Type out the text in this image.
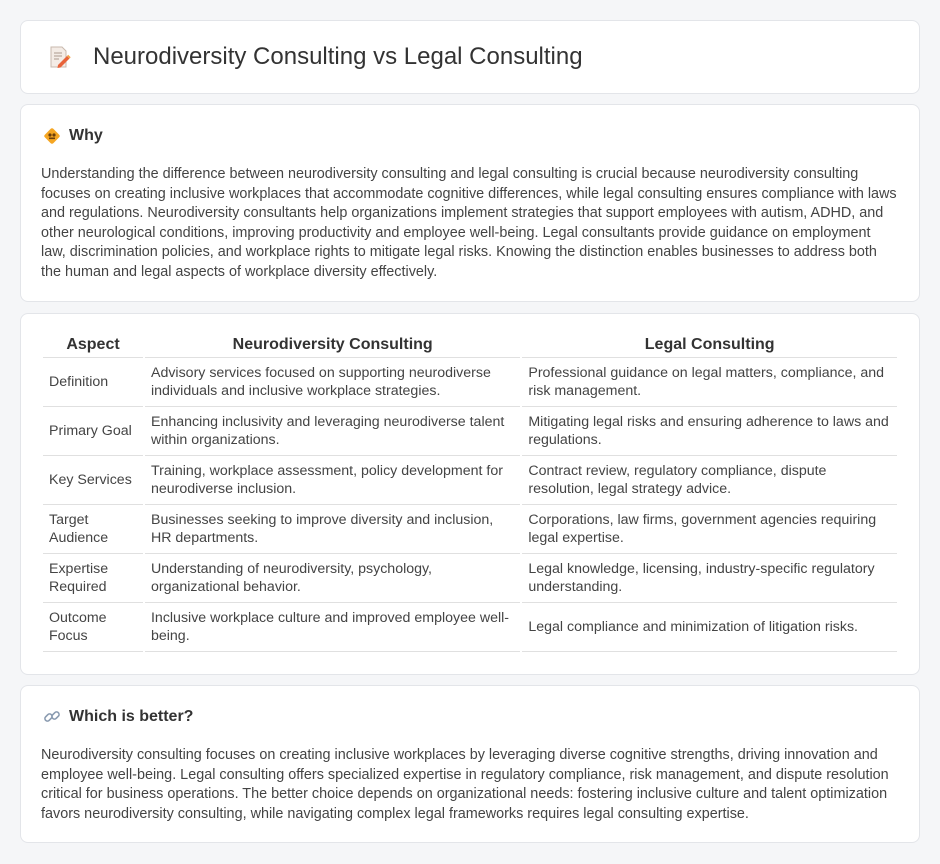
Neurodiversity Consulting vs Legal Consulting
Why

Understanding the difference between neurodiversity consulting and legal consulting is crucial because neurodiversity consulting focuses on creating inclusive workplaces that accommodate cognitive differences, while legal consulting ensures compliance with laws and regulations. Neurodiversity consultants help organizations implement strategies that support employees with autism, ADHD, and other neurological conditions, improving productivity and employee well-being. Legal consultants provide guidance on employment law, discrimination policies, and workplace rights to mitigate legal risks. Knowing the distinction enables businesses to address both the human and legal aspects of workplace diversity effectively.

Aspect	Neurodiversity Consulting	Legal Consulting
Definition	Advisory services focused on supporting neurodiverse individuals and inclusive workplace strategies.	Professional guidance on legal matters, compliance, and risk management.
Primary Goal	Enhancing inclusivity and leveraging neurodiverse talent within organizations.	Mitigating legal risks and ensuring adherence to laws and regulations.
Key Services	Training, workplace assessment, policy development for neurodiverse inclusion.	Contract review, regulatory compliance, dispute resolution, legal strategy advice.
Target Audience	Businesses seeking to improve diversity and inclusion, HR departments.	Corporations, law firms, government agencies requiring legal expertise.
Expertise Required	Understanding of neurodiversity, psychology, organizational behavior.	Legal knowledge, licensing, industry-specific regulatory understanding.
Outcome Focus	Inclusive workplace culture and improved employee well-being.	Legal compliance and minimization of litigation risks.
Which is better?

Neurodiversity consulting focuses on creating inclusive workplaces by leveraging diverse cognitive strengths, driving innovation and employee well-being. Legal consulting offers specialized expertise in regulatory compliance, risk management, and dispute resolution critical for business operations. The better choice depends on organizational needs: fostering inclusive culture and talent optimization favors neurodiversity consulting, while navigating complex legal frameworks requires legal consulting expertise.
